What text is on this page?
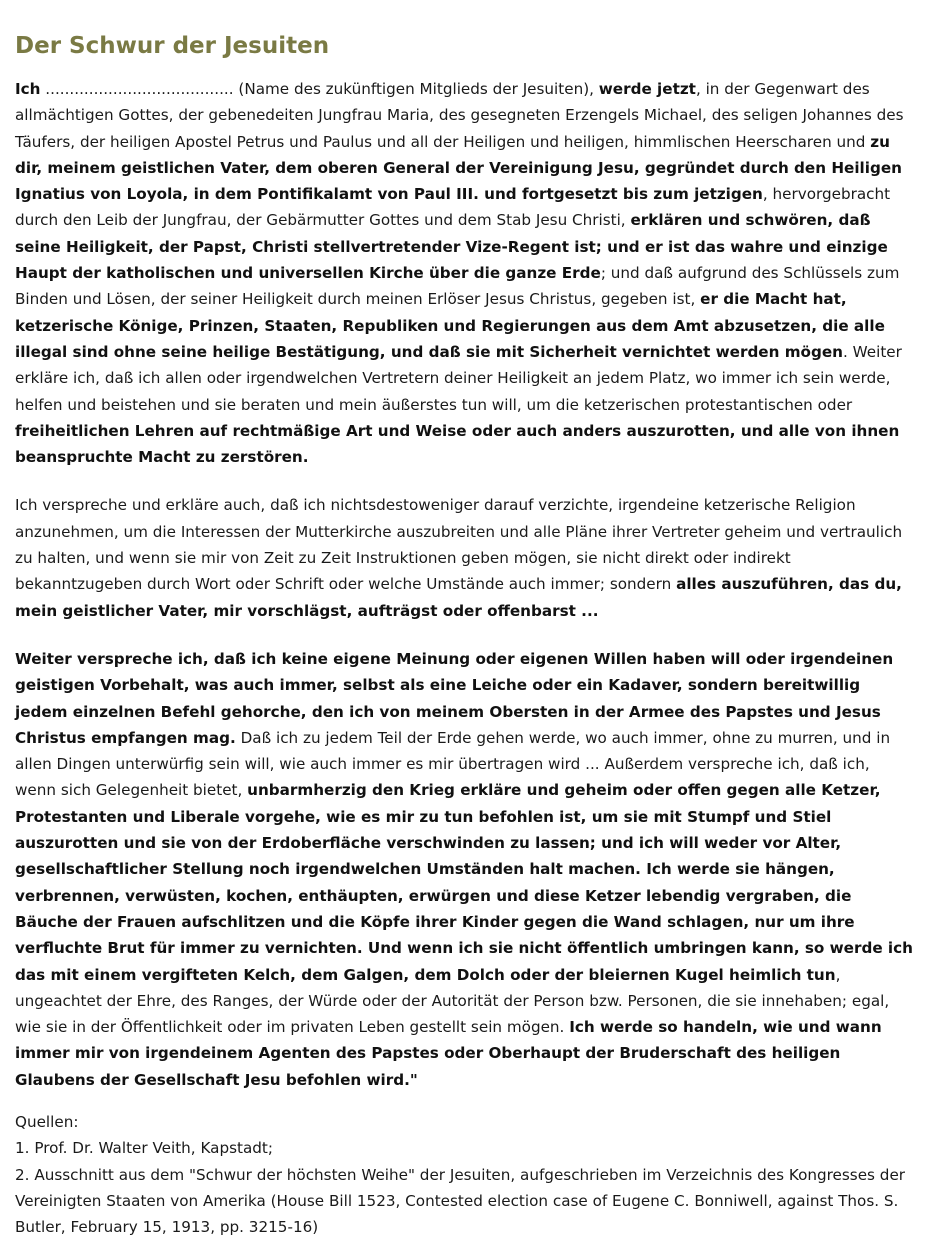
Der Schwur der Jesuiten

Ich ....................................... (Name des zukünftigen Mitglieds der Jesuiten), werde jetzt, in der Gegenwart des allmächtigen Gottes, der gebenedeiten Jungfrau Maria, des gesegneten Erzengels Michael, des seligen Johannes des Täufers, der heiligen Apostel Petrus und Paulus und all der Heiligen und heiligen, himmlischen Heerscharen und zu dir, meinem geistlichen Vater, dem oberen General der Vereinigung Jesu, gegründet durch den Heiligen Ignatius von Loyola, in dem Pontifikalamt von Paul III. und fortgesetzt bis zum jetzigen, hervorgebracht durch den Leib der Jungfrau, der Gebärmutter Gottes und dem Stab Jesu Christi, erklären und schwören, daß seine Heiligkeit, der Papst, Christi stellvertretender Vize-Regent ist; und er ist das wahre und einzige Haupt der katholischen und universellen Kirche über die ganze Erde; und daß aufgrund des Schlüssels zum Binden und Lösen, der seiner Heiligkeit durch meinen Erlöser Jesus Christus, gegeben ist, er die Macht hat, ketzerische Könige, Prinzen, Staaten, Republiken und Regierungen aus dem Amt abzusetzen, die alle illegal sind ohne seine heilige Bestätigung, und daß sie mit Sicherheit vernichtet werden mögen. Weiter erkläre ich, daß ich allen oder irgendwelchen Vertretern deiner Heiligkeit an jedem Platz, wo immer ich sein werde, helfen und beistehen und sie beraten und mein äußerstes tun will, um die ketzerischen protestantischen oder freiheitlichen Lehren auf rechtmäßige Art und Weise oder auch anders auszurotten, und alle von ihnen beanspruchte Macht zu zerstören.

Ich verspreche und erkläre auch, daß ich nichtsdestoweniger darauf verzichte, irgendeine ketzerische Religion anzunehmen, um die Interessen der Mutterkirche auszubreiten und alle Pläne ihrer Vertreter geheim und vertraulich zu halten, und wenn sie mir von Zeit zu Zeit Instruktionen geben mögen, sie nicht direkt oder indirekt bekanntzugeben durch Wort oder Schrift oder welche Umstände auch immer; sondern alles auszuführen, das du, mein geistlicher Vater, mir vorschlägst, aufträgst oder offenbarst ...

Weiter verspreche ich, daß ich keine eigene Meinung oder eigenen Willen haben will oder irgendeinen geistigen Vorbehalt, was auch immer, selbst als eine Leiche oder ein Kadaver, sondern bereitwillig jedem einzelnen Befehl gehorche, den ich von meinem Obersten in der Armee des Papstes und Jesus Christus empfangen mag. Daß ich zu jedem Teil der Erde gehen werde, wo auch immer, ohne zu murren, und in allen Dingen unterwürfig sein will, wie auch immer es mir übertragen wird ... Außerdem verspreche ich, daß ich, wenn sich Gelegenheit bietet, unbarmherzig den Krieg erkläre und geheim oder offen gegen alle Ketzer, Protestanten und Liberale vorgehe, wie es mir zu tun befohlen ist, um sie mit Stumpf und Stiel auszurotten und sie von der Erdoberfläche verschwinden zu lassen; und ich will weder vor Alter, gesellschaftlicher Stellung noch irgendwelchen Umständen halt machen. Ich werde sie hängen, verbrennen, verwüsten, kochen, enthäupten, erwürgen und diese Ketzer lebendig vergraben, die Bäuche der Frauen aufschlitzen und die Köpfe ihrer Kinder gegen die Wand schlagen, nur um ihre verfluchte Brut für immer zu vernichten. Und wenn ich sie nicht öffentlich umbringen kann, so werde ich das mit einem vergifteten Kelch, dem Galgen, dem Dolch oder der bleiernen Kugel heimlich tun, ungeachtet der Ehre, des Ranges, der Würde oder der Autorität der Person bzw. Personen, die sie innehaben; egal, wie sie in der Öffentlichkeit oder im privaten Leben gestellt sein mögen. Ich werde so handeln, wie und wann immer mir von irgendeinem Agenten des Papstes oder Oberhaupt der Bruderschaft des heiligen Glaubens der Gesellschaft Jesu befohlen wird."

Quellen:
1. Prof. Dr. Walter Veith, Kapstadt;
2. Ausschnitt aus dem "Schwur der höchsten Weihe" der Jesuiten, aufgeschrieben im Verzeichnis des Kongresses der Vereinigten Staaten von Amerika (House Bill 1523, Contested election case of Eugene C. Bonniwell, against Thos. S. Butler, February 15, 1913, pp. 3215-16)
